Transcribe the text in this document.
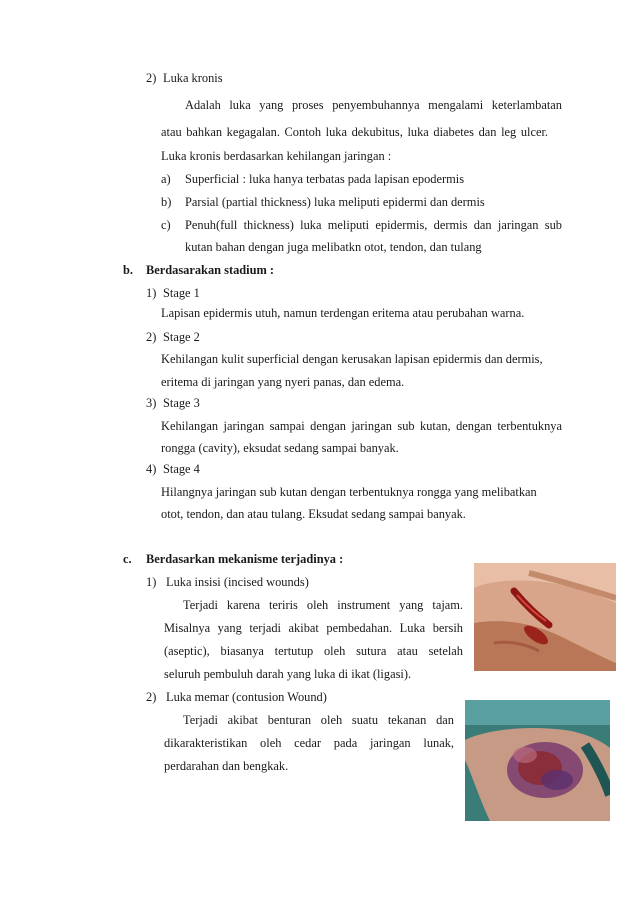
2) Luka kronis
Adalah luka yang proses penyembuhannya mengalami keterlambatan
atau bahkan kegagalan. Contoh luka dekubitus, luka diabetes dan leg ulcer.
Luka kronis berdasarkan kehilangan jaringan :
a) Superficial : luka hanya terbatas pada lapisan epodermis
b) Parsial (partial thickness) luka meliputi epidermi dan dermis
c) Penuh(full thickness) luka meliputi epidermis, dermis dan jaringan sub
kutan bahan dengan juga melibatkn otot, tendon, dan tulang
b. Berdasarakan stadium :
1) Stage 1
Lapisan epidermis utuh, namun terdengan eritema atau perubahan warna.
2) Stage 2
Kehilangan kulit superficial dengan kerusakan lapisan epidermis dan dermis,
eritema di jaringan yang nyeri panas, dan edema.
3) Stage 3
Kehilangan jaringan sampai dengan jaringan sub kutan, dengan terbentuknya
rongga (cavity), eksudat sedang sampai banyak.
4) Stage 4
Hilangnya jaringan sub kutan dengan terbentuknya rongga yang melibatkan
otot, tendon, dan atau tulang. Eksudat sedang sampai banyak.
c. Berdasarkan mekanisme terjadinya :
1) Luka insisi (incised wounds)
Terjadi karena teriris oleh instrument yang tajam.
Misalnya yang terjadi akibat pembedahan. Luka bersih
(aseptic), biasanya tertutup oleh sutura atau setelah
seluruh pembuluh darah yang luka di ikat (ligasi).
2) Luka memar (contusion Wound)
Terjadi akibat benturan oleh suatu tekanan dan
dikarakteristikan oleh cedar pada jaringan lunak,
perdarahan dan bengkak.
